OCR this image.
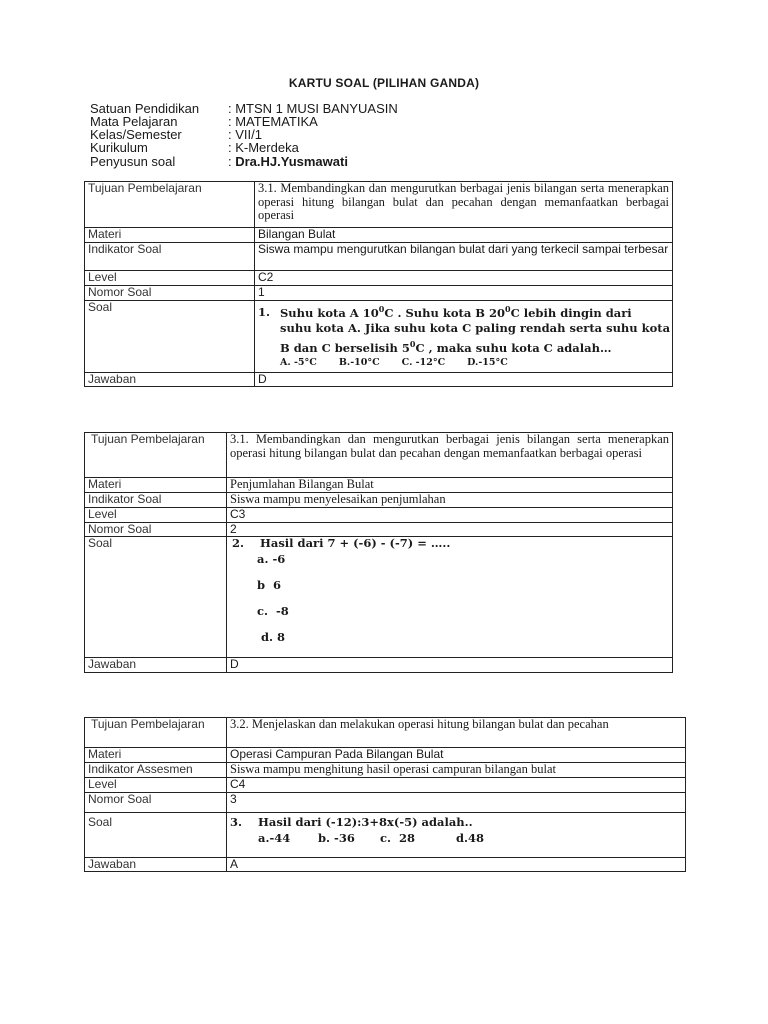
KARTU SOAL (PILIHAN GANDA)
Satuan Pendidikan	: MTSN 1 MUSI BANYUASIN
Mata Pelajaran	: MATEMATIKA
Kelas/Semester	: VII/1
Kurikulum	: K-Merdeka
Penyusun soal	: Dra.HJ.Yusmawati
Tujuan Pembelajaran	3.1. Membandingkan dan mengurutkan berbagai jenis bilangan serta menerapkan operasi hitung bilangan bulat dan pecahan dengan memanfaatkan berbagai operasi
Materi	Bilangan Bulat
Indikator Soal	Siswa mampu mengurutkan bilangan bulat dari yang terkecil sampai terbesar
Level	C2
Nomor Soal	1
Soal	1. Suhu kota A $10^0C$ . Suhu kota B $20^0C$ lebih dingin dari
suhu kota A. Jika suhu kota C paling rendah serta suhu kota
B dan C berselisih $5^0C$ , maka suhu kota C adalah…
A. -5°C B.-10°C C. -12°C D.-15°C

Jawaban	D
Tujuan Pembelajaran	3.1. Membandingkan dan mengurutkan berbagai jenis bilangan serta menerapkan operasi hitung bilangan bulat dan pecahan dengan memanfaatkan berbagai operasi
Materi	Penjumlahan Bilangan Bulat
Indikator Soal	Siswa mampu menyelesaikan penjumlahan
Level	C3
Nomor Soal	2
Soal	2.    Hasil dari 7 + (-6) - (-7) = …..
a. -6
b  6
c.  -8
d. 8

Jawaban	D
Tujuan Pembelajaran	3.2. Menjelaskan dan melakukan operasi hitung bilangan bulat dan pecahan
Materi	Operasi Campuran Pada Bilangan Bulat
Indikator Assesmen	Siswa mampu menghitung hasil operasi campuran bilangan bulat
Level	C4
Nomor Soal	3
Soal	3.    Hasil dari (-12):3+8x(-5) adalah..
a.-44 b. -36 c.  28 d.48

Jawaban	A
